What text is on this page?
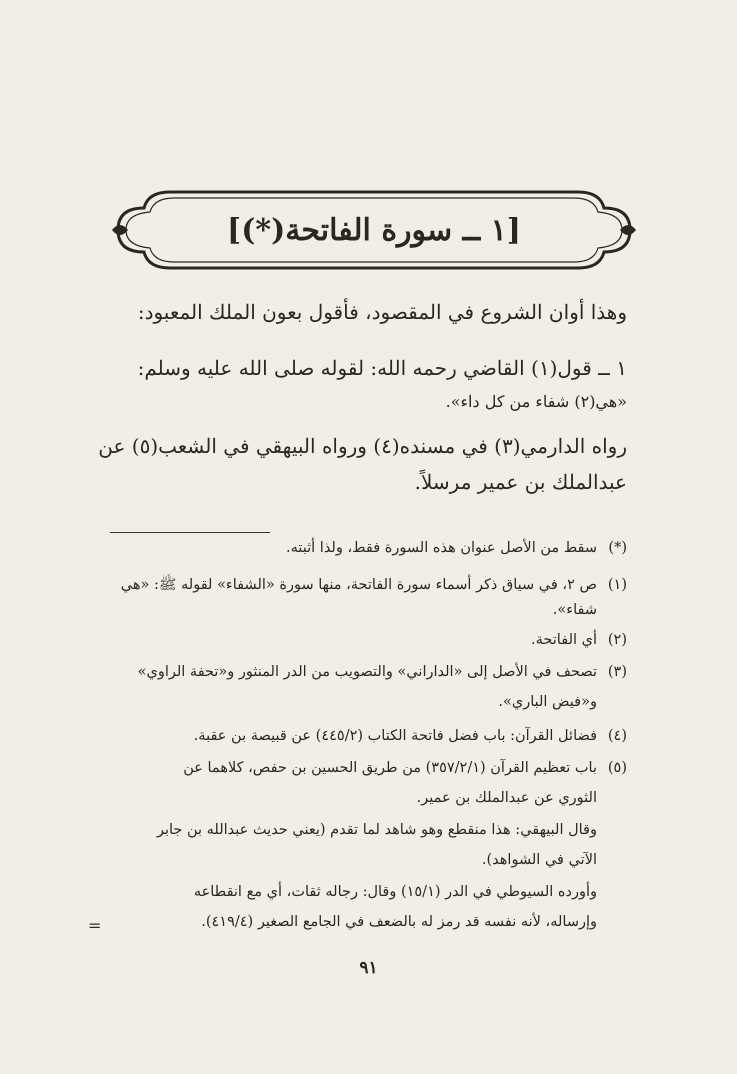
[١ ــ سورة الفاتحة(*)]
وهذا أوان الشروع في المقصود، فأقول بعون الملك المعبود:
١ ــ قول(١) القاضي رحمه الله: لقوله صلى الله عليه وسلم:
«هي(٢) شفاء من كل داء».
رواه الدارمي(٣) في مسنده(٤) ورواه البيهقي في الشعب(٥) عن
عبدالملك بن عمير مرسلاً.
(*)سقط من الأصل عنوان هذه السورة فقط، ولذا أثبته.
(١)ص ٢، في سياق ذكر أسماء سورة الفاتحة، منها سورة «الشفاء» لقوله ﷺ: «هي
شفاء».
(٢)أي الفاتحة.
(٣)تصحف في الأصل إلى «الداراني» والتصويب من الدر المنثور و«تحفة الراوي»
و«فيض الباري».
(٤)فضائل القرآن: باب فضل فاتحة الكتاب (٤٤٥/٢) عن قبيصة بن عقبة.
(٥)باب تعظيم القرآن (٣٥٧/٢/١) من طريق الحسين بن حفص، كلاهما عن
الثوري عن عبدالملك بن عمير.
وقال البيهقي: هذا منقطع وهو شاهد لما تقدم (يعني حديث عبدالله بن جابر
الآتي في الشواهد).
وأورده السيوطي في الدر (١٥/١) وقال: رجاله ثقات، أي مع انقطاعه
وإرساله، لأنه نفسه قد رمز له بالضعف في الجامع الصغير (٤١٩/٤).
=
٩١
